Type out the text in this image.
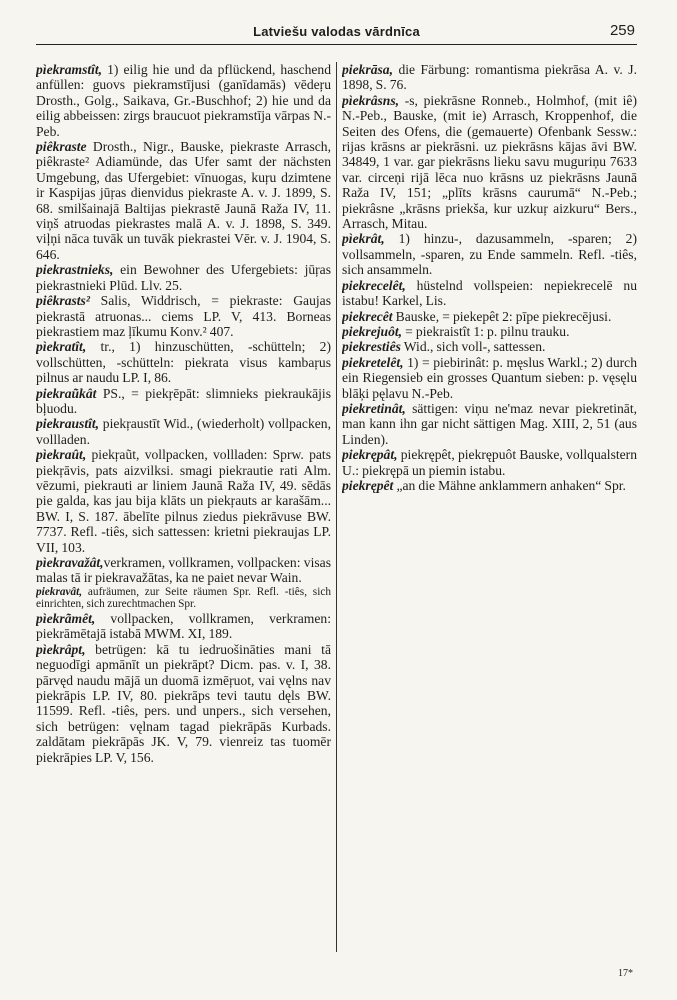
Latviešu valodas vārdnīca	259

pìekramstît, 1) eilig hie und da pflückend, haschend anfüllen: guovs piekramstījusi (ganīdamās) vēdeŗu Drosth., Golg., Saikava, Gr.-Buschhof; 2) hie und da eilig abbeissen: zirgs braucuot piekramstīja vārpas N.-Peb.

piêkraste Drosth., Nigr., Bauske, piekraste Arrasch, piêkraste² Adiamünde, das Ufer samt der nächsten Umgebung, das Ufergebiet: vīnuogas, kuŗu dzimtene ir Kaspijas jūŗas dienvidus piekraste A. v. J. 1899, S. 68. smilšainajā Baltijas piekrastē Jaunā Raža IV, 11. viņš atruodas piekrastes malā A. v. J. 1898, S. 349. viļņi nāca tuvāk un tuvāk piekrastei Vēr. v. J. 1904, S. 646.

piekrastnieks, ein Bewohner des Ufergebiets: jūŗas piekrastnieki Plūd. Llv. 25.

piêkrasts² Salis, Widdrisch, = piekraste: Gaujas piekrastā atruonas... ciems LP. V, 413. Borneas piekrastiem maz ļīkumu Konv.² 407.

pìekratît, tr., 1) hinzuschütten, -schütteln; 2) vollschütten, -schütteln: piekrata visus kambaŗus pilnus ar naudu LP. I, 86.

piekraũkât PS., = piekŗēpāt: slimnieks piekraukājis bļuodu.

piekraustît, piekŗaustīt Wid., (wiederholt) vollpacken, vollladen.

pìekraût, piekŗaũt, vollpacken, vollladen: Sprw. pats piekŗāvis, pats aizvilksi. smagi piekrautie rati Alm. vēzumi, piekrauti ar liniem Jaunā Raža IV, 49. sēdās pie galda, kas jau bija klāts un piekŗauts ar karašām... BW. I, S. 187. ābelīte pilnus ziedus piekrāvuse BW. 7737. Refl. -tiês, sich sattessen: krietni piekraujas LP. VII, 103.

pìekravažât,verkramen, vollkramen, vollpacken: visas malas tā ir piekravažātas, ka ne paiet nevar Wain.

piekravât, aufräumen, zur Seite räumen Spr. Refl. -tiês, sich einrichten, sich zurechtmachen Spr.

pìekrãmêt, vollpacken, vollkramen, verkramen: piekrāmētajā istabā MWM. XI, 189.

pìekrâpt, betrügen: kā tu iedruošināties mani tā neguodīgi apmānīt un piekrāpt? Dicm. pas. v. I, 38. pārvęd naudu mājā un duomā izmēŗuot, vai vęlns nav piekrāpis LP. IV, 80. piekrāps tevi tautu dęls BW. 11599. Refl. -tiês, pers. und unpers., sich versehen, sich betrügen: vęlnam tagad piekrāpās Kurbads. zaldātam piekrāpās JK. V, 79. vienreiz tas tuomēr piekrāpies LP. V, 156.

piekrāsa, die Färbung: romantisma piekrāsa A. v. J. 1898, S. 76.

pìekrâsns, -s, piekrāsne Ronneb., Holmhof, (mit iê) N.-Peb., Bauske, (mit ie) Arrasch, Kroppenhof, die Seiten des Ofens, die (gemauerte) Ofenbank Sessw.: rijas krāsns ar piekrāsni. uz piekrāsns kājas āvi BW. 34849, 1 var. gar piekrāsns lieku savu muguriņu 7633 var. circeņi rijā lēca nuo krāsns uz piekrāsns Jaunā Raža IV, 151; „plīts krāsns caurumā“ N.-Peb.; piekrâsne „krāsns priekša, kur uzkuŗ aizkuru“ Bers., Arrasch, Mitau.

pìekrât, 1) hinzu-, dazusammeln, -sparen; 2) vollsammeln, -sparen, zu Ende sammeln. Refl. -tiês, sich ansammeln.

piekrecelêt, hüstelnd vollspeien: nepiekrecelē nu istabu! Karkel, Lis.

piekrecêt Bauske, = piekepêt 2: pīpe piekrecējusi.

piekrejuôt, = piekraistît 1: p. pilnu trauku.

piekrestiês Wid., sich voll-, sattessen.

piekretelêt, 1) = piebirinât: p. męslus Warkl.; 2) durch ein Riegensieb ein grosses Quantum sieben: p. vęsęlu blāķi pęlavu N.-Peb.

piekretinât, sättigen: viņu ne'maz nevar piekretināt, man kann ihn gar nicht sättigen Mag. XIII, 2, 51 (aus Linden).

piekrępât, piekrępêt, piekrępuôt Bauske, vollqualstern U.: piekrępā un piemin istabu.

piekrępêt „an die Mähne anklammern anhaken“ Spr.

17*
